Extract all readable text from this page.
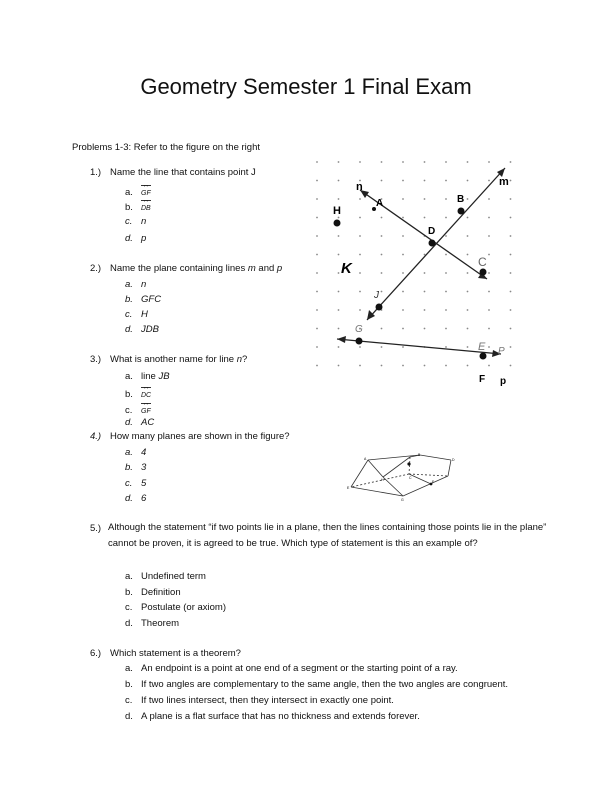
Geometry Semester 1 Final Exam
Problems 1-3: Refer to the figure on the right
1.) Name the line that contains point J
a. GF ↔
b. DB ↔
c. n
d. p
2.) Name the plane containing lines m and p
a. n
b. GFC
c. H
d. JDB
3.) What is another name for line n?
a. line JB
b. DC ↔
c. GF ↔
d. AC
4.) How many planes are shown in the figure?
a. 4
b. 3
c. 5
d. 6
5.) Although the statement “if two points lie in a plane, then the lines containing those points lie in the plane” cannot be proven, it is agreed to be true. Which type of statement is this an example of?
a. Undefined term
b. Definition
c. Postulate (or axiom)
d. Theorem
6.) Which statement is a theorem?
a. An endpoint is a point at one end of a segment or the starting point of a ray.
b. If two angles are complementary to the same angle, then the two angles are congruent.
c. If two lines intersect, then they intersect in exactly one point.
d. A plane is a flat surface that has no thickness and extends forever.
n	m
H
A	B
D
K	C
J
G
E P
F p
B
A	D
E
H
G
F
C
